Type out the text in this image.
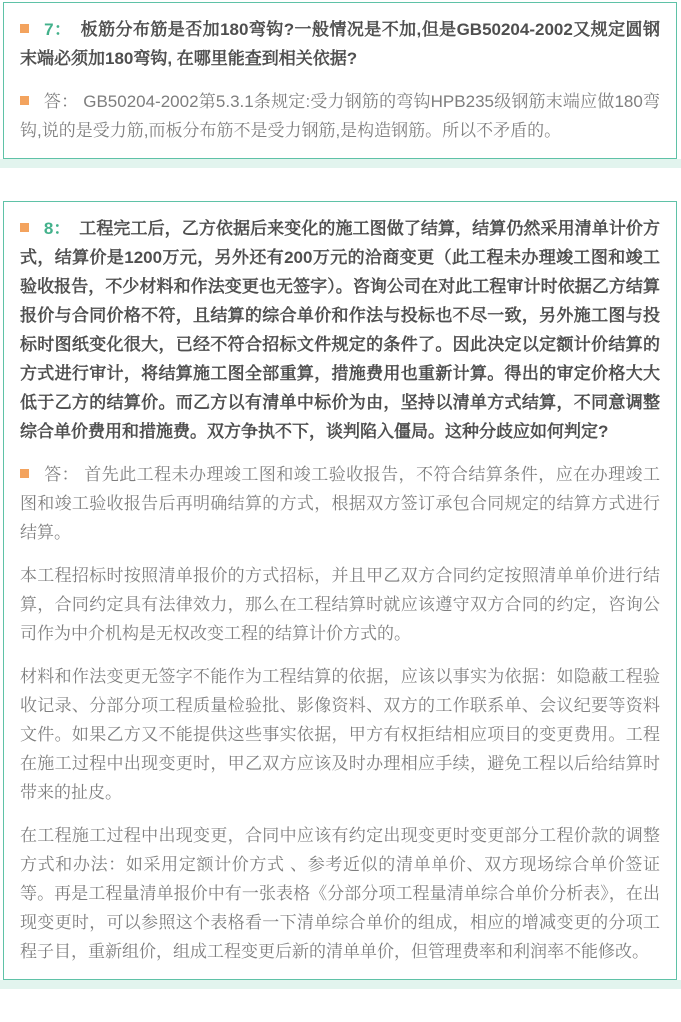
7： 板筋分布筋是否加180弯钩?一般情况是不加,但是GB50204-2002又规定圆钢末端必须加180弯钩, 在哪里能查到相关依据?

答： GB50204-2002第5.3.1条规定:受力钢筋的弯钩HPB235级钢筋末端应做180弯钩,说的是受力筋,而板分布筋不是受力钢筋,是构造钢筋。所以不矛盾的。

8： 工程完工后，乙方依据后来变化的施工图做了结算，结算仍然采用清单计价方式，结算价是1200万元，另外还有200万元的洽商变更（此工程未办理竣工图和竣工验收报告，不少材料和作法变更也无签字）。咨询公司在对此工程审计时依据乙方结算报价与合同价格不符，且结算的综合单价和作法与投标也不尽一致，另外施工图与投标时图纸变化很大，已经不符合招标文件规定的条件了。因此决定以定额计价结算的方式进行审计，将结算施工图全部重算，措施费用也重新计算。得出的审定价格大大低于乙方的结算价。而乙方以有清单中标价为由，坚持以清单方式结算，不同意调整综合单价费用和措施费。双方争执不下，谈判陷入僵局。这种分歧应如何判定?

答： 首先此工程未办理竣工图和竣工验收报告，不符合结算条件，应在办理竣工图和竣工验收报告后再明确结算的方式，根据双方签订承包合同规定的结算方式进行结算。

本工程招标时按照清单报价的方式招标，并且甲乙双方合同约定按照清单单价进行结算，合同约定具有法律效力，那么在工程结算时就应该遵守双方合同的约定，咨询公司作为中介机构是无权改变工程的结算计价方式的。

材料和作法变更无签字不能作为工程结算的依据，应该以事实为依据：如隐蔽工程验收记录、分部分项工程质量检验批、影像资料、双方的工作联系单、会议纪要等资料文件。如果乙方又不能提供这些事实依据，甲方有权拒结相应项目的变更费用。工程在施工过程中出现变更时，甲乙双方应该及时办理相应手续，避免工程以后给结算时带来的扯皮。

在工程施工过程中出现变更，合同中应该有约定出现变更时变更部分工程价款的调整方式和办法：如采用定额计价方式 、参考近似的清单单价、双方现场综合单价签证等。再是工程量清单报价中有一张表格《分部分项工程量清单综合单价分析表》，在出现变更时，可以参照这个表格看一下清单综合单价的组成，相应的增减变更的分项工程子目，重新组价，组成工程变更后新的清单单价，但管理费率和利润率不能修改。
